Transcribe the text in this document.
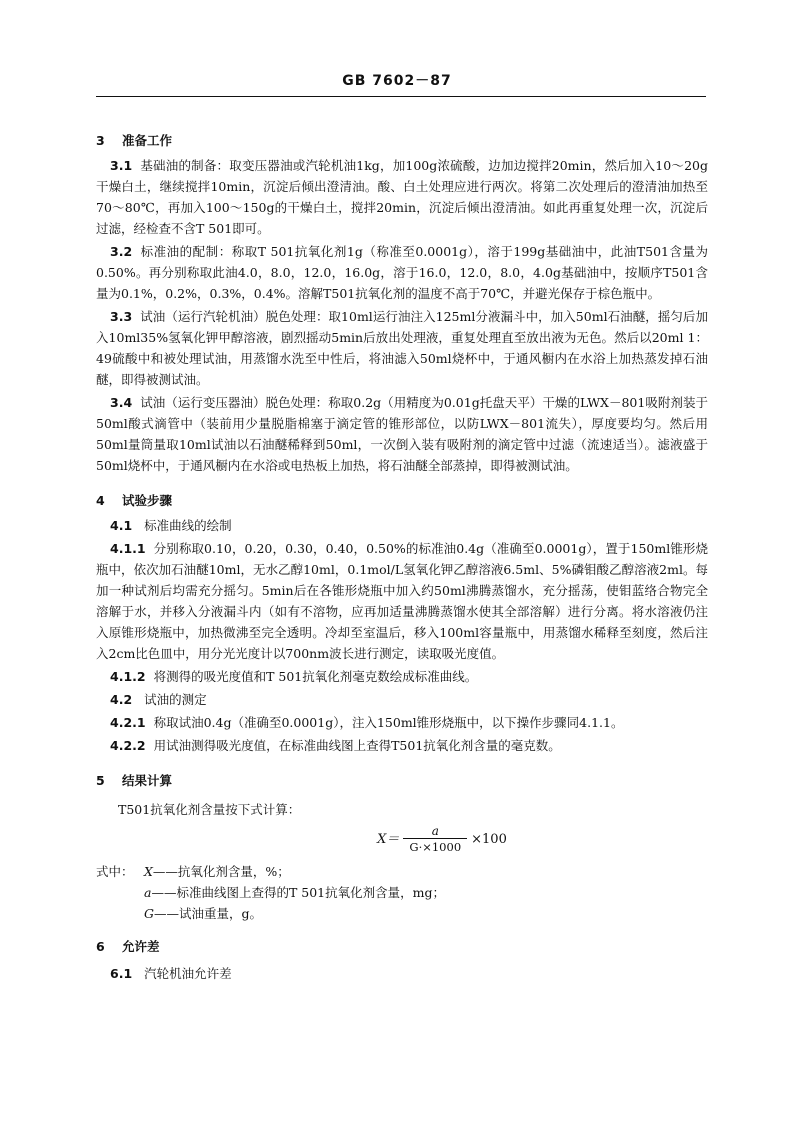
GB 7602－87
3 准备工作

3.1 基础油的制备：取变压器油或汽轮机油1kg，加100g浓硫酸，边加边搅拌20min，然后加入10～20g干燥白土，继续搅拌10min，沉淀后倾出澄清油。酸、白土处理应进行两次。将第二次处理后的澄清油加热至70～80℃，再加入100～150g的干燥白土，搅拌20min，沉淀后倾出澄清油。如此再重复处理一次，沉淀后过滤，经检查不含T 501即可。

3.2 标准油的配制：称取T 501抗氧化剂1g（称准至0.0001g），溶于199g基础油中，此油T501含量为0.50%。再分别称取此油4.0，8.0，12.0，16.0g，溶于16.0，12.0，8.0，4.0g基础油中，按顺序T501含量为0.1%，0.2%，0.3%，0.4%。溶解T501抗氧化剂的温度不高于70℃，并避光保存于棕色瓶中。

3.3 试油（运行汽轮机油）脱色处理：取10ml运行油注入125ml分液漏斗中，加入50ml石油醚，摇匀后加入10ml35%氢氧化钾甲醇溶液，剧烈摇动5min后放出处理液，重复处理直至放出液为无色。然后以20ml 1：49硫酸中和被处理试油，用蒸馏水洗至中性后，将油滤入50ml烧杯中，于通风橱内在水浴上加热蒸发掉石油醚，即得被测试油。

3.4 试油（运行变压器油）脱色处理：称取0.2g（用精度为0.01g托盘天平）干燥的LWX－801吸附剂装于50ml酸式滴管中（装前用少量脱脂棉塞于滴定管的锥形部位，以防LWX－801流失），厚度要均匀。然后用50ml量筒量取10ml试油以石油醚稀释到50ml，一次倒入装有吸附剂的滴定管中过滤（流速适当）。滤液盛于50ml烧杯中，于通风橱内在水浴或电热板上加热，将石油醚全部蒸掉，即得被测试油。

4 试验步骤
4.1 标准曲线的绘制

4.1.1 分别称取0.10，0.20，0.30，0.40，0.50%的标准油0.4g（准确至0.0001g），置于150ml锥形烧瓶中，依次加石油醚10ml，无水乙醇10ml，0.1mol/L氢氧化钾乙醇溶液6.5ml、5%磷钼酸乙醇溶液2ml。每加一种试剂后均需充分摇匀。5min后在各锥形烧瓶中加入约50ml沸腾蒸馏水，充分摇荡，使钼蓝络合物完全溶解于水，并移入分液漏斗内（如有不溶物，应再加适量沸腾蒸馏水使其全部溶解）进行分离。将水溶液仍注入原锥形烧瓶中，加热微沸至完全透明。冷却至室温后，移入100ml容量瓶中，用蒸馏水稀释至刻度，然后注入2cm比色皿中，用分光光度计以700nm波长进行测定，读取吸光度值。

4.1.2 将测得的吸光度值和T 501抗氧化剂毫克数绘成标准曲线。

4.2 试油的测定

4.2.1 称取试油0.4g（准确至0.0001g），注入150ml锥形烧瓶中，以下操作步骤同4.1.1。

4.2.2 用试油测得吸光度值，在标准曲线图上查得T501抗氧化剂含量的毫克数。

5 结果计算
T501抗氧化剂含量按下式计算：
$X= \frac{a}{G\cdot\times 1000} \times 100$
式中： X ——抗氧化剂含量，%；
a ——标准曲线图上查得的T 501抗氧化剂含量，mg；
G ——试油重量，g。
6 允许差
6.1 汽轮机油允许差
